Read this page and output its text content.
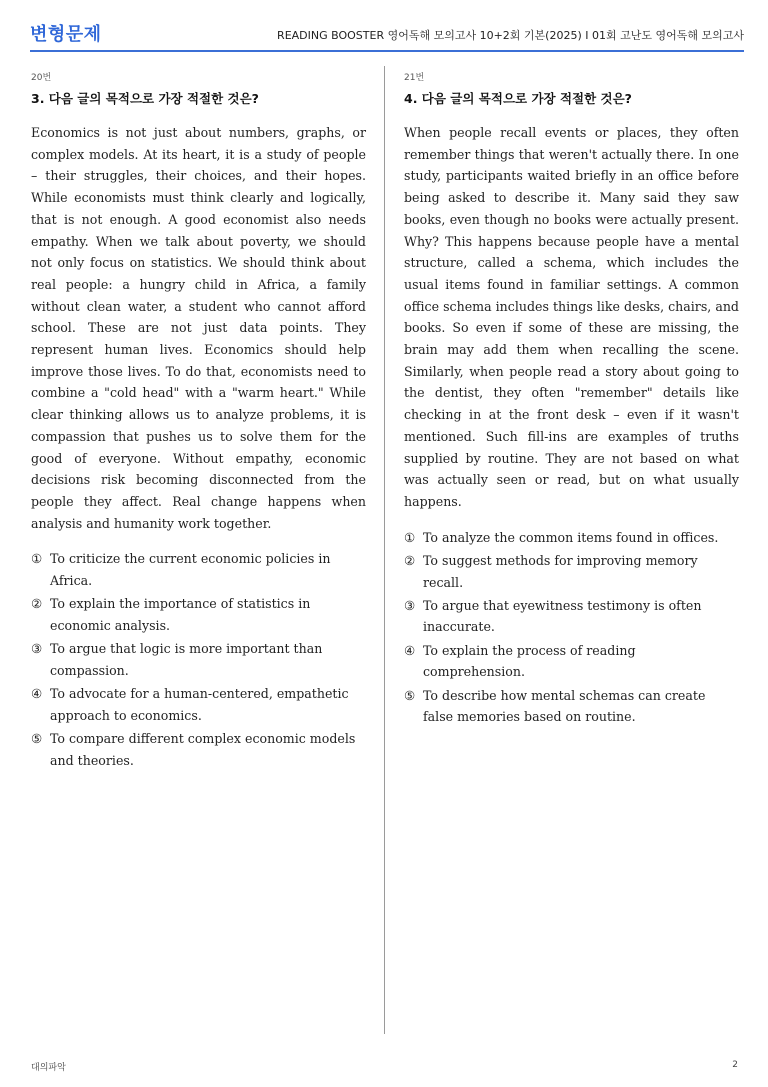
변형문제	READING BOOSTER 영어독해 모의고사 10+2회 기본(2025) I 01회 고난도 영어독해 모의고사
20번
3. 다음 글의 목적으로 가장 적절한 것은?

Economics is not just about numbers, graphs, or complex models. At its heart, it is a study of people – their struggles, their choices, and their hopes. While economists must think clearly and logically, that is not enough. A good economist also needs empathy. When we talk about poverty, we should not only focus on statistics. We should think about real people: a hungry child in Africa, a family without clean water, a student who cannot afford school. These are not just data points. They represent human lives. Economics should help improve those lives. To do that, economists need to combine a "cold head" with a "warm heart." While clear thinking allows us to analyze problems, it is compassion that pushes us to solve them for the good of everyone. Without empathy, economic decisions risk becoming disconnected from the people they affect. Real change happens when analysis and humanity work together.

① To criticize the current economic policies in Africa.
② To explain the importance of statistics in economic analysis.
③ To argue that logic is more important than compassion.
④ To advocate for a human-centered, empathetic approach to economics.
⑤ To compare different complex economic models and theories.
21번
4. 다음 글의 목적으로 가장 적절한 것은?

When people recall events or places, they often remember things that weren't actually there. In one study, participants waited briefly in an office before being asked to describe it. Many said they saw books, even though no books were actually present. Why? This happens because people have a mental structure, called a schema, which includes the usual items found in familiar settings. A common office schema includes things like desks, chairs, and books. So even if some of these are missing, the brain may add them when recalling the scene. Similarly, when people read a story about going to the dentist, they often "remember" details like checking in at the front desk – even if it wasn't mentioned. Such fill-ins are examples of truths supplied by routine. They are not based on what was actually seen or read, but on what usually happens.

① To analyze the common items found in offices.
② To suggest methods for improving memory recall.
③ To argue that eyewitness testimony is often inaccurate.
④ To explain the process of reading comprehension.
⑤ To describe how mental schemas can create false memories based on routine.
대의파악	2
